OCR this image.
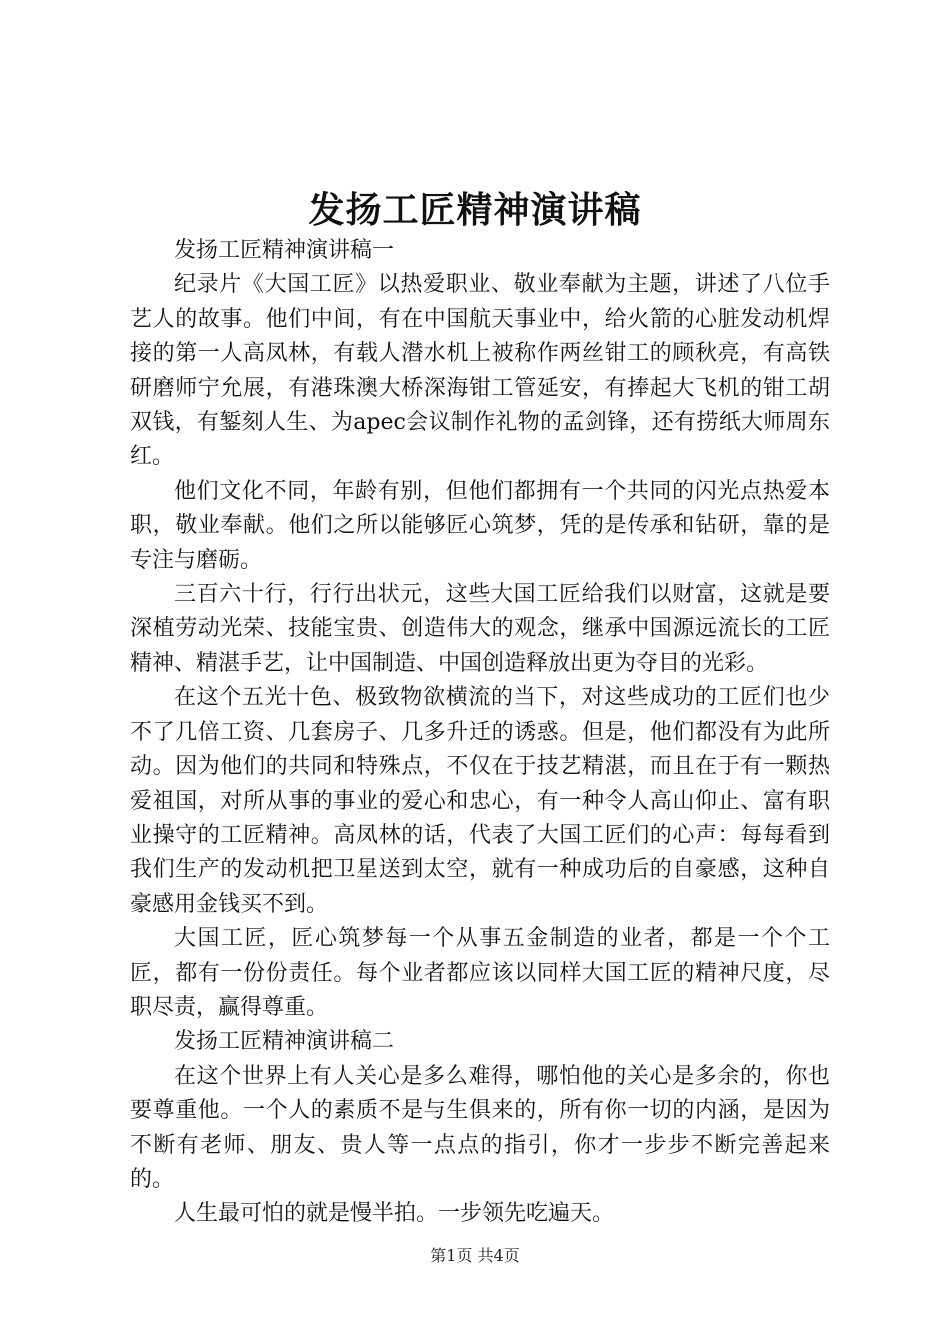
发扬工匠精神演讲稿

发扬工匠精神演讲稿一

纪录片《大国工匠》以热爱职业、敬业奉献为主题，讲述了八位手艺人的故事。他们中间，有在中国航天事业中，给火箭的心脏发动机焊接的第一人高凤林，有载人潜水机上被称作两丝钳工的顾秋亮，有高铁研磨师宁允展，有港珠澳大桥深海钳工管延安，有捧起大飞机的钳工胡双钱，有錾刻人生、为apec会议制作礼物的孟剑锋，还有捞纸大师周东红。

他们文化不同，年龄有别，但他们都拥有一个共同的闪光点热爱本职，敬业奉献。他们之所以能够匠心筑梦，凭的是传承和钻研，靠的是专注与磨砺。

三百六十行，行行出状元，这些大国工匠给我们以财富，这就是要深植劳动光荣、技能宝贵、创造伟大的观念，继承中国源远流长的工匠精神、精湛手艺，让中国制造、中国创造释放出更为夺目的光彩。

在这个五光十色、极致物欲横流的当下，对这些成功的工匠们也少不了几倍工资、几套房子、几多升迁的诱惑。但是，他们都没有为此所动。因为他们的共同和特殊点，不仅在于技艺精湛，而且在于有一颗热爱祖国，对所从事的事业的爱心和忠心，有一种令人高山仰止、富有职业操守的工匠精神。高凤林的话，代表了大国工匠们的心声：每每看到我们生产的发动机把卫星送到太空，就有一种成功后的自豪感，这种自豪感用金钱买不到。

大国工匠，匠心筑梦每一个从事五金制造的业者，都是一个个工匠，都有一份份责任。每个业者都应该以同样大国工匠的精神尺度，尽职尽责，赢得尊重。

发扬工匠精神演讲稿二

在这个世界上有人关心是多么难得，哪怕他的关心是多余的，你也要尊重他。一个人的素质不是与生俱来的，所有你一切的内涵，是因为不断有老师、朋友、贵人等一点点的指引，你才一步步不断完善起来的。

人生最可怕的就是慢半拍。一步领先吃遍天。

第1页 共4页
